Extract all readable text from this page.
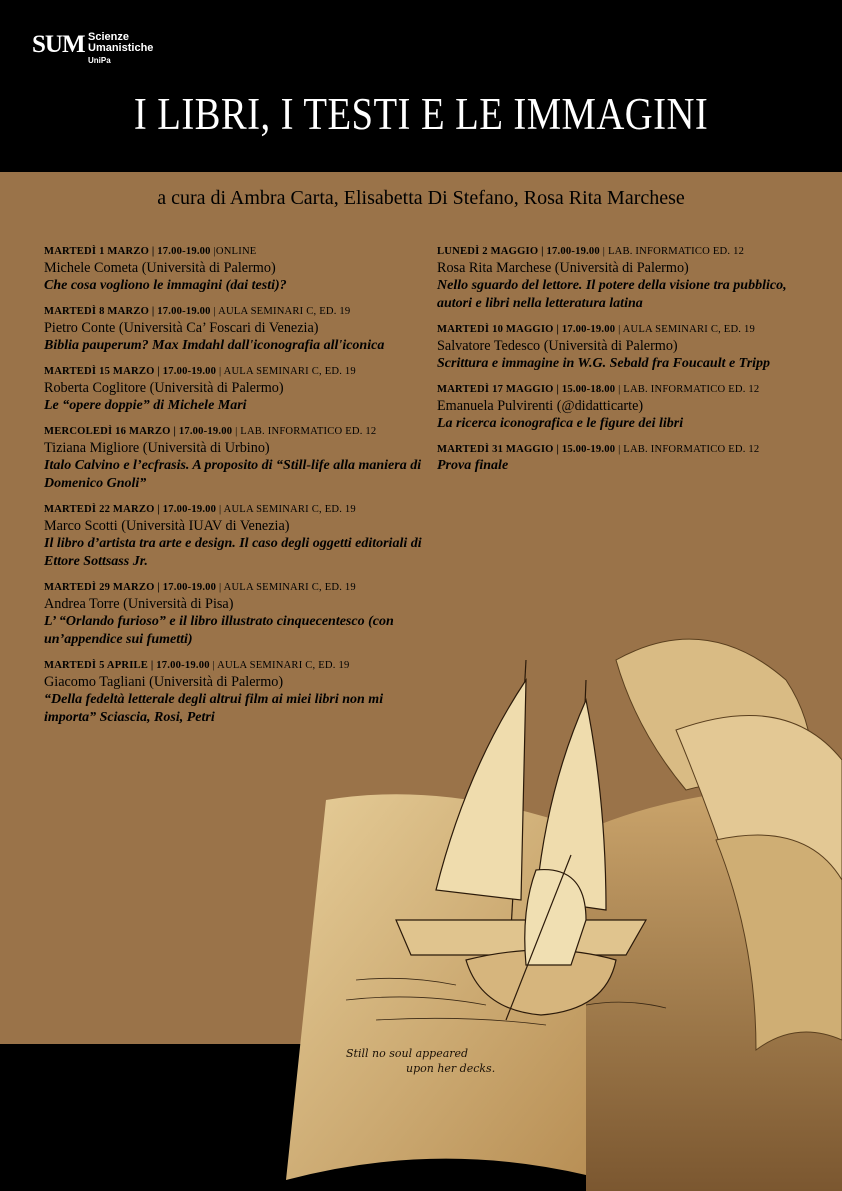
SUM Scienze
Umanistiche
UniPa
I LIBRI, I TESTI E LE IMMAGINI
a cura di Ambra Carta, Elisabetta Di Stefano, Rosa Rita Marchese
Still no soul appeared
upon her decks.
MARTEDÌ 1 MARZO | 17.00-19.00 |ONLINE
Michele Cometa (Università di Palermo)
Che cosa vogliono le immagini (dai testi)?
MARTEDÌ 8 MARZO | 17.00-19.00 | AULA SEMINARI C, ED. 19
Pietro Conte (Università Ca’ Foscari di Venezia)
Biblia pauperum? Max Imdahl dall'iconografia all'iconica
MARTEDÌ 15 MARZO | 17.00-19.00 | AULA SEMINARI C, ED. 19
Roberta Coglitore (Università di Palermo)
Le “opere doppie” di Michele Mari
MERCOLEDÌ 16 MARZO | 17.00-19.00 | LAB. INFORMATICO ED. 12
Tiziana Migliore (Università di Urbino)
Italo Calvino e l’ecfrasis. A proposito di “Still-life alla maniera di Domenico Gnoli”
MARTEDÌ 22 MARZO | 17.00-19.00 | AULA SEMINARI C, ED. 19
Marco Scotti (Università IUAV di Venezia)
Il libro d’artista tra arte e design. Il caso degli oggetti editoriali di Ettore Sottsass Jr.
MARTEDÌ 29 MARZO | 17.00-19.00 | AULA SEMINARI C, ED. 19
Andrea Torre (Università di Pisa)
L’ “Orlando furioso” e il libro illustrato cinquecentesco (con un’appendice sui fumetti)
MARTEDÌ 5 APRILE | 17.00-19.00 | AULA SEMINARI C, ED. 19
Giacomo Tagliani (Università di Palermo)
“Della fedeltà letterale degli altrui film ai miei libri non mi importa” Sciascia, Rosi, Petri
LUNEDÌ 2 MAGGIO | 17.00-19.00 | LAB. INFORMATICO ED. 12
Rosa Rita Marchese (Università di Palermo)
Nello sguardo del lettore. Il potere della visione tra pubblico, autori e libri nella letteratura latina
MARTEDÌ 10 MAGGIO | 17.00-19.00 | AULA SEMINARI C, ED. 19
Salvatore Tedesco (Università di Palermo)
Scrittura e immagine in W.G. Sebald fra Foucault e Tripp
MARTEDÌ 17 MAGGIO | 15.00-18.00 | LAB. INFORMATICO ED. 12
Emanuela Pulvirenti (@didatticarte)
La ricerca iconografica e le figure dei libri
MARTEDÌ 31 MAGGIO | 15.00-19.00 | LAB. INFORMATICO ED. 12
Prova finale
